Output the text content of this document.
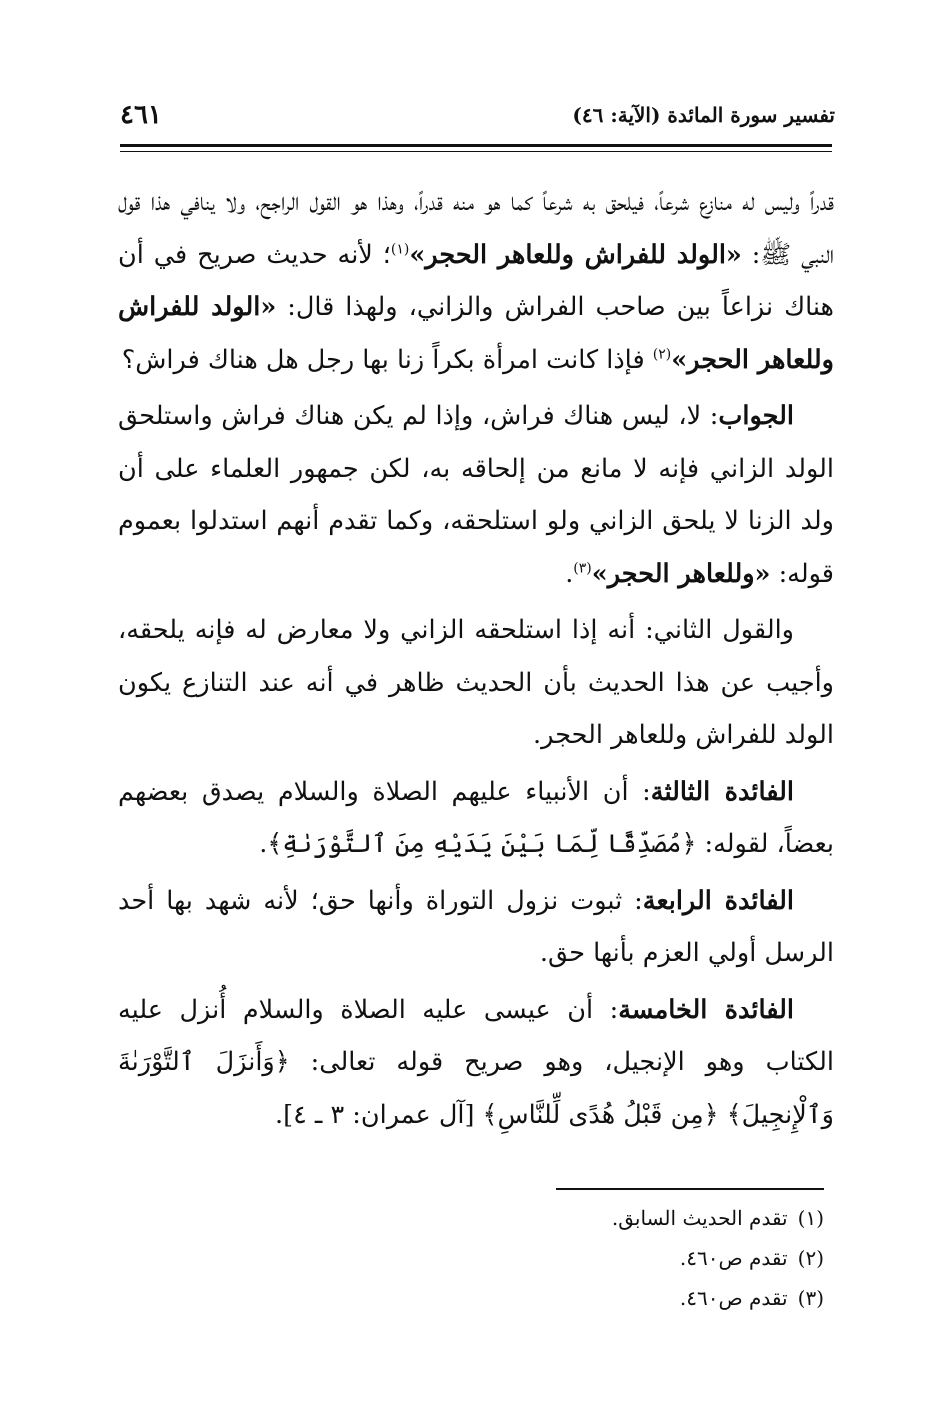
تفسير سورة المائدة (الآية: ٤٦)
٤٦١

قدراً وليس له منازع شرعاً، فيلحق به شرعاً كما هو منه قدراً، وهذا هو القول الراجح، ولا ينافي هذا قول النبي ﷺ: «الولد للفراش وللعاهر الحجر»$^{(١)}$؛ لأنه حديث صريح في أن هناك نزاعاً بين صاحب الفراش والزاني، ولهذا قال: «الولد للفراش وللعاهر الحجر»$^{(٢)}$ فإذا كانت امرأة بكراً زنا بها رجل هل هناك فراش؟

الجواب: لا، ليس هناك فراش، وإذا لم يكن هناك فراش واستلحق الولد الزاني فإنه لا مانع من إلحاقه به، لكن جمهور العلماء على أن ولد الزنا لا يلحق الزاني ولو استلحقه، وكما تقدم أنهم استدلوا بعموم قوله: «وللعاهر الحجر»$^{(٣)}$.

والقول الثاني: أنه إذا استلحقه الزاني ولا معارض له فإنه يلحقه، وأجيب عن هذا الحديث بأن الحديث ظاهر في أنه عند التنازع يكون الولد للفراش وللعاهر الحجر.

الفائدة الثالثة: أن الأنبياء عليهم الصلاة والسلام يصدق بعضهم بعضاً، لقوله: ﴿مُصَدِّقًا لِّمَا بَيْنَ يَدَيْهِ مِنَ ٱلتَّوْرَىٰةِ﴾.

الفائدة الرابعة: ثبوت نزول التوراة وأنها حق؛ لأنه شهد بها أحد الرسل أولي العزم بأنها حق.

الفائدة الخامسة: أن عيسى عليه الصلاة والسلام أُنزل عليه الكتاب وهو الإنجيل، وهو صريح قوله تعالى: ﴿وَأَنزَلَ ٱلتَّوْرَىٰةَ وَٱلْإِنجِيلَ﴾ ﴿مِن قَبْلُ هُدًى لِّلنَّاسِ﴾ [آل عمران: ٣ ـ ٤].

(١)
تقدم الحديث السابق.
(٢)
تقدم ص٤٦٠.
(٣)
تقدم ص٤٦٠.
